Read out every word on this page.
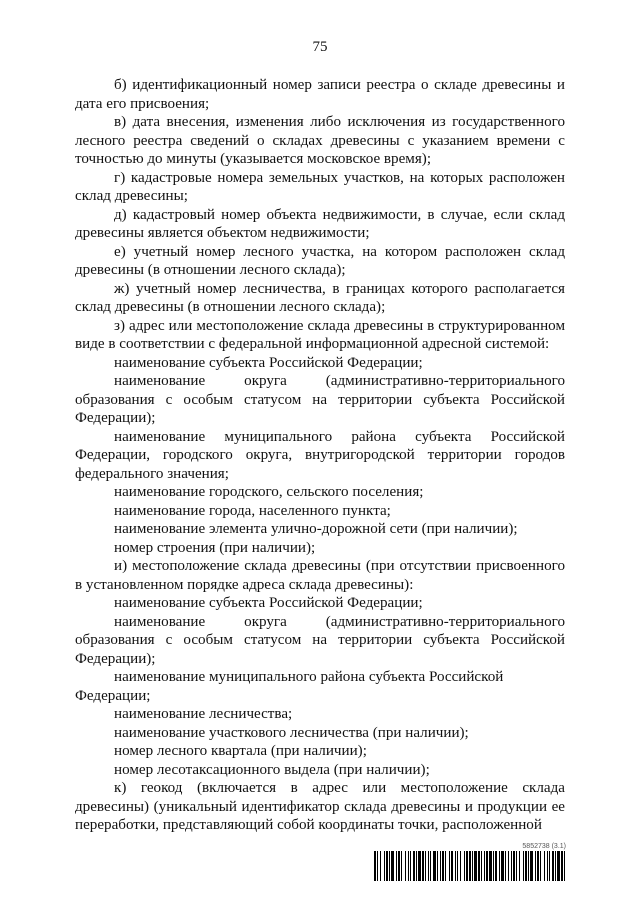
75

б) идентификационный номер записи реестра о складе древесины и дата его присвоения;

в) дата внесения, изменения либо исключения из государственного лесного реестра сведений о складах древесины с указанием времени с точностью до минуты (указывается московское время);

г) кадастровые номера земельных участков, на которых расположен склад древесины;

д) кадастровый номер объекта недвижимости, в случае, если склад древесины является объектом недвижимости;

е) учетный номер лесного участка, на котором расположен склад древесины (в отношении лесного склада);

ж) учетный номер лесничества, в границах которого располагается склад древесины (в отношении лесного склада);

з) адрес или местоположение склада древесины в структурированном виде в соответствии с федеральной информационной адресной системой:

наименование субъекта Российской Федерации;

наименование округа (административно-территориального образования с особым статусом на территории субъекта Российской Федерации);

наименование муниципального района субъекта Российской Федерации, городского округа, внутригородской территории городов федерального значения;

наименование городского, сельского поселения;

наименование города, населенного пункта;

наименование элемента улично-дорожной сети (при наличии);

номер строения (при наличии);

и) местоположение склада древесины (при отсутствии присвоенного в установленном порядке адреса склада древесины):

наименование субъекта Российской Федерации;

наименование округа (административно-территориального образования с особым статусом на территории субъекта Российской Федерации);

наименование муниципального района субъекта Российской Федерации;

наименование лесничества;

наименование участкового лесничества (при наличии);

номер лесного квартала (при наличии);

номер лесотаксационного выдела (при наличии);

к) геокод (включается в адрес или местоположение склада древесины) (уникальный идентификатор склада древесины и продукции ее переработки, представляющий собой координаты точки, расположенной

5852738 (3.1)
